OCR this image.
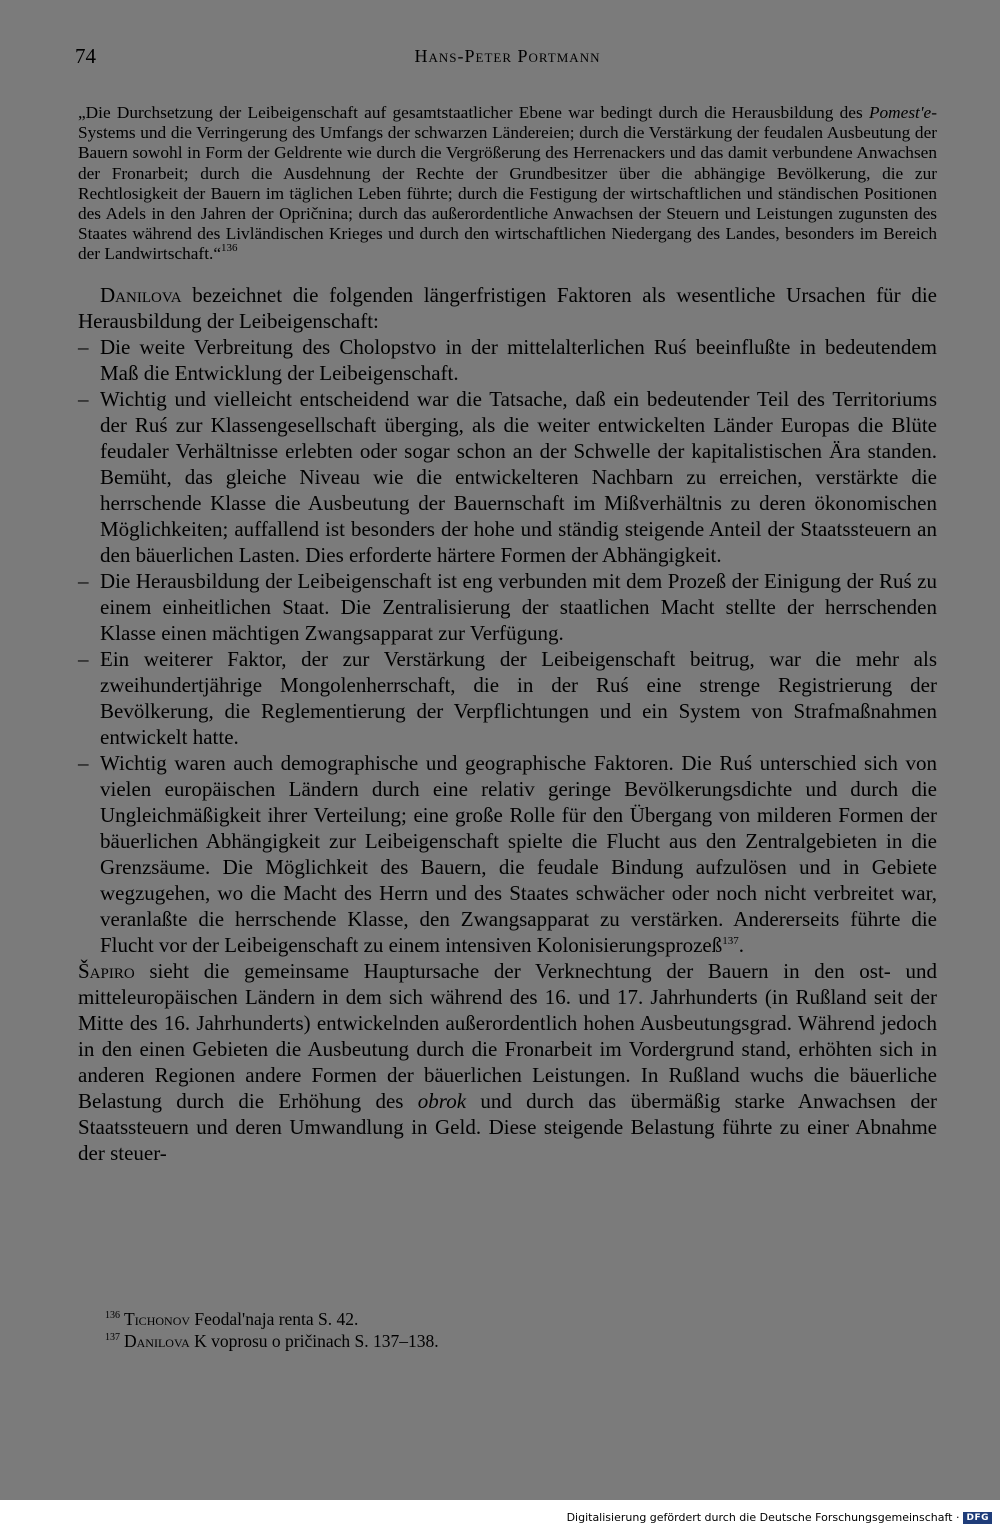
74	Hans-Peter Portmann

„Die Durchsetzung der Leibeigenschaft auf gesamtstaatlicher Ebene war bedingt durch die Herausbildung des Pomest'e-Systems und die Verringerung des Umfangs der schwarzen Ländereien; durch die Verstärkung der feudalen Ausbeutung der Bauern sowohl in Form der Geldrente wie durch die Vergrößerung des Herrenackers und das damit verbundene Anwachsen der Fronarbeit; durch die Ausdehnung der Rechte der Grundbesitzer über die abhängige Bevölkerung, die zur Rechtlosigkeit der Bauern im täglichen Leben führte; durch die Festigung der wirtschaftlichen und ständischen Positionen des Adels in den Jahren der Opričnina; durch das außerordentliche Anwachsen der Steuern und Leistungen zugunsten des Staates während des Livländischen Krieges und durch den wirtschaftlichen Niedergang des Landes, besonders im Bereich der Landwirtschaft.“$^{136}$

Danilova bezeichnet die folgenden längerfristigen Faktoren als wesentliche Ursachen für die Herausbildung der Leibeigenschaft:

– Die weite Verbreitung des Cholopstvo in der mittelalterlichen Ruś beeinflußte in bedeutendem Maß die Entwicklung der Leibeigenschaft.
– Wichtig und vielleicht entscheidend war die Tatsache, daß ein bedeutender Teil des Territoriums der Ruś zur Klassengesellschaft überging, als die weiter entwickelten Länder Europas die Blüte feudaler Verhältnisse erlebten oder sogar schon an der Schwelle der kapitalistischen Ära standen. Bemüht, das gleiche Niveau wie die entwickelteren Nachbarn zu erreichen, verstärkte die herrschende Klasse die Ausbeutung der Bauernschaft im Mißverhältnis zu deren ökonomischen Möglichkeiten; auffallend ist besonders der hohe und ständig steigende Anteil der Staatssteuern an den bäuerlichen Lasten. Dies erforderte härtere Formen der Abhängigkeit.
– Die Herausbildung der Leibeigenschaft ist eng verbunden mit dem Prozeß der Einigung der Ruś zu einem einheitlichen Staat. Die Zentralisierung der staatlichen Macht stellte der herrschenden Klasse einen mächtigen Zwangsapparat zur Verfügung.
– Ein weiterer Faktor, der zur Verstärkung der Leibeigenschaft beitrug, war die mehr als zweihundertjährige Mongolenherrschaft, die in der Ruś eine strenge Registrierung der Bevölkerung, die Reglementierung der Verpflichtungen und ein System von Strafmaßnahmen entwickelt hatte.
– Wichtig waren auch demographische und geographische Faktoren. Die Ruś unterschied sich von vielen europäischen Ländern durch eine relativ geringe Bevölkerungsdichte und durch die Ungleichmäßigkeit ihrer Verteilung; eine große Rolle für den Übergang von milderen Formen der bäuerlichen Abhängigkeit zur Leibeigenschaft spielte die Flucht aus den Zentralgebieten in die Grenzsäume. Die Möglichkeit des Bauern, die feudale Bindung aufzulösen und in Gebiete wegzugehen, wo die Macht des Herrn und des Staates schwächer oder noch nicht verbreitet war, veranlaßte die herrschende Klasse, den Zwangsapparat zu verstärken. Andererseits führte die Flucht vor der Leibeigenschaft zu einem intensiven Kolonisierungsprozeß$^{137}$.

Šapiro sieht die gemeinsame Hauptursache der Verknechtung der Bauern in den ost- und mitteleuropäischen Ländern in dem sich während des 16. und 17. Jahrhunderts (in Rußland seit der Mitte des 16. Jahrhunderts) entwickelnden außerordentlich hohen Ausbeutungsgrad. Während jedoch in den einen Gebieten die Ausbeutung durch die Fronarbeit im Vordergrund stand, erhöhten sich in anderen Regionen andere Formen der bäuerlichen Leistungen. In Rußland wuchs die bäuerliche Belastung durch die Erhöhung des obrok und durch das übermäßig starke Anwachsen der Staatssteuern und deren Umwandlung in Geld. Diese steigende Belastung führte zu einer Abnahme der steuer-

$^{136}$ Tichonov Feodal'naja renta S. 42.
$^{137}$ Danilova K voprosu o pričinach S. 137–138.
Digitalisierung gefördert durch die Deutsche Forschungsgemeinschaft · DFG
